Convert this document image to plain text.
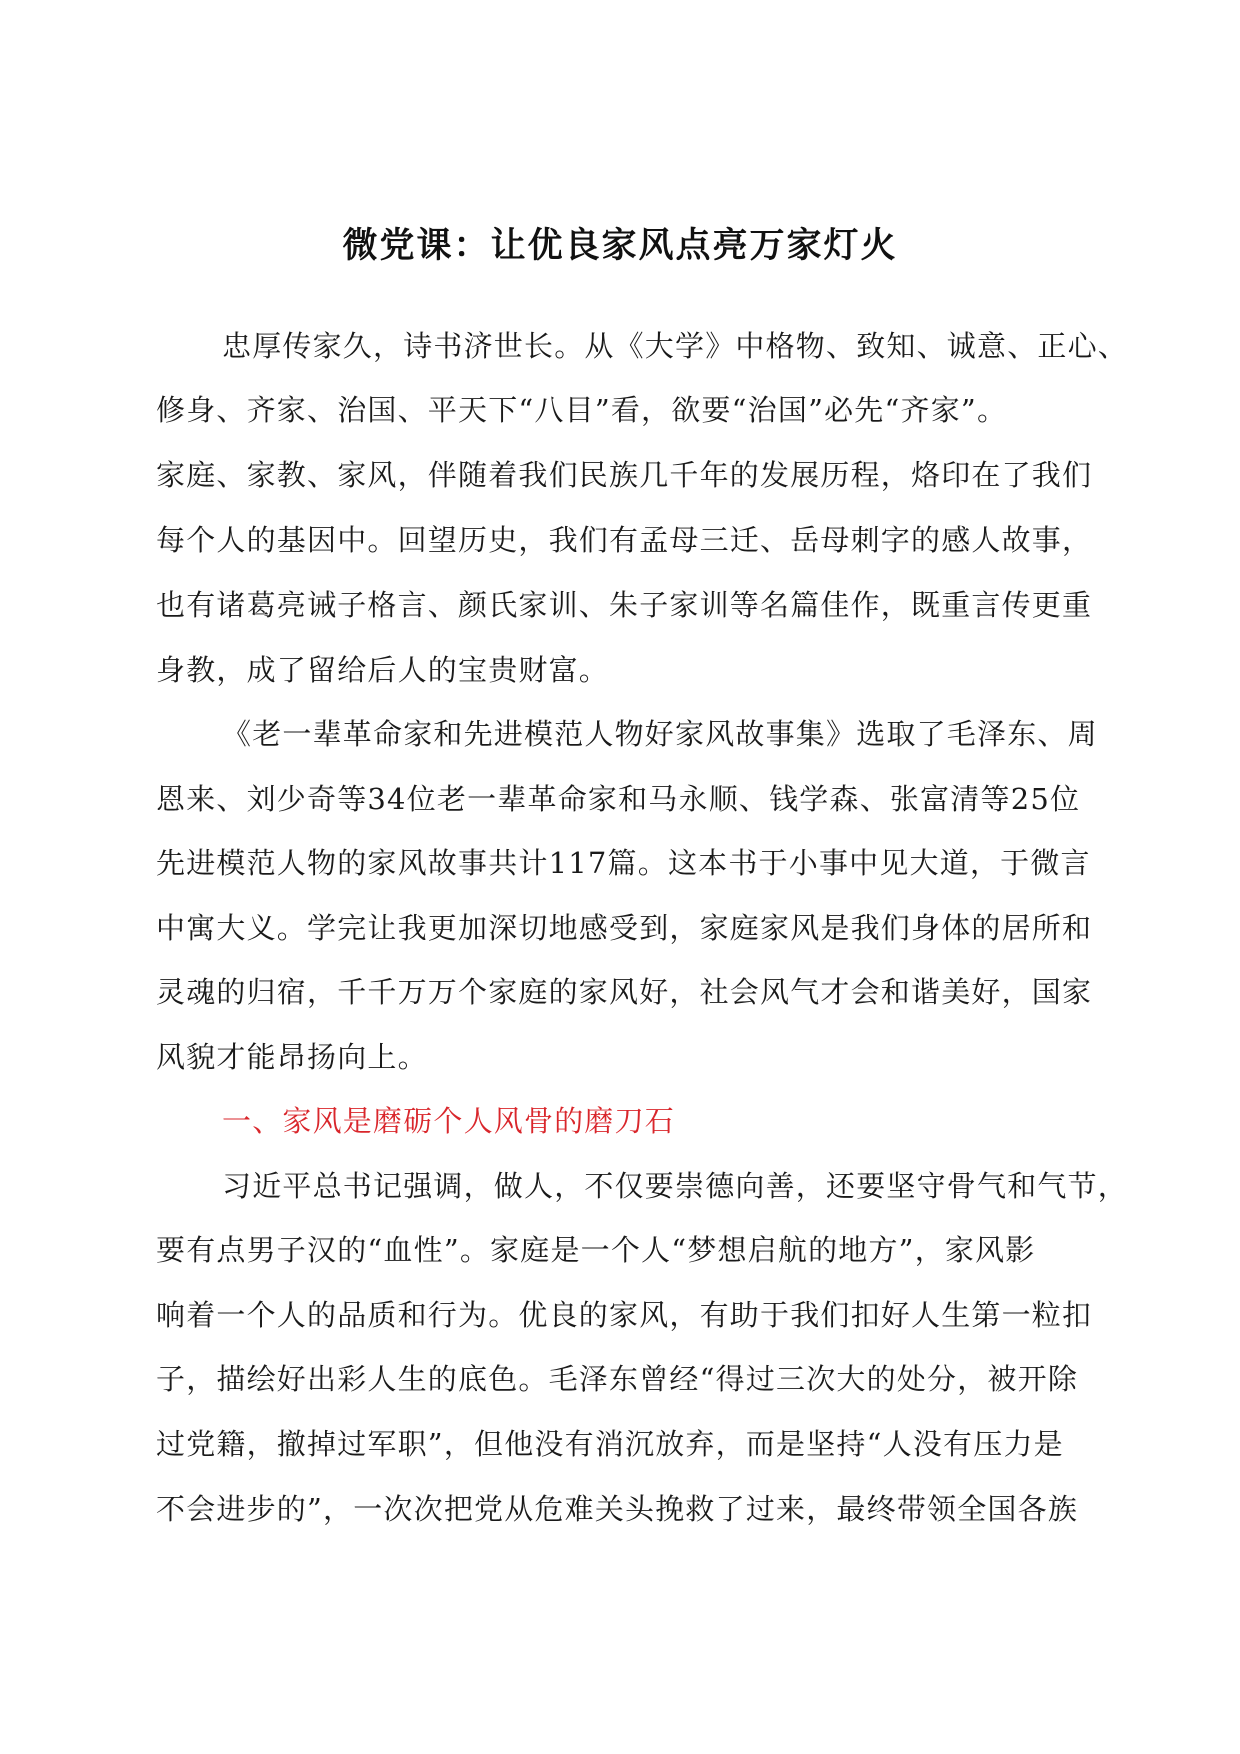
微党课：让优良家风点亮万家灯火
忠厚传家久，诗书济世长。从《大学》中格物、致知、诚意、正心、
修身、齐家、治国、平天下“八目”看，欲要“治国”必先“齐家”。
家庭、家教、家风，伴随着我们民族几千年的发展历程，烙印在了我们
每个人的基因中。回望历史，我们有孟母三迁、岳母刺字的感人故事，
也有诸葛亮诫子格言、颜氏家训、朱子家训等名篇佳作，既重言传更重
身教，成了留给后人的宝贵财富。
《老一辈革命家和先进模范人物好家风故事集》选取了毛泽东、周
恩来、刘少奇等34位老一辈革命家和马永顺、钱学森、张富清等25位
先进模范人物的家风故事共计117篇。这本书于小事中见大道，于微言
中寓大义。学完让我更加深切地感受到，家庭家风是我们身体的居所和
灵魂的归宿，千千万万个家庭的家风好，社会风气才会和谐美好，国家
风貌才能昂扬向上。
一、家风是磨砺个人风骨的磨刀石
习近平总书记强调，做人，不仅要崇德向善，还要坚守骨气和气节，
要有点男子汉的“血性”。家庭是一个人“梦想启航的地方”，家风影
响着一个人的品质和行为。优良的家风，有助于我们扣好人生第一粒扣
子，描绘好出彩人生的底色。毛泽东曾经“得过三次大的处分，被开除
过党籍，撤掉过军职”，但他没有消沉放弃，而是坚持“人没有压力是
不会进步的”，一次次把党从危难关头挽救了过来，最终带领全国各族
